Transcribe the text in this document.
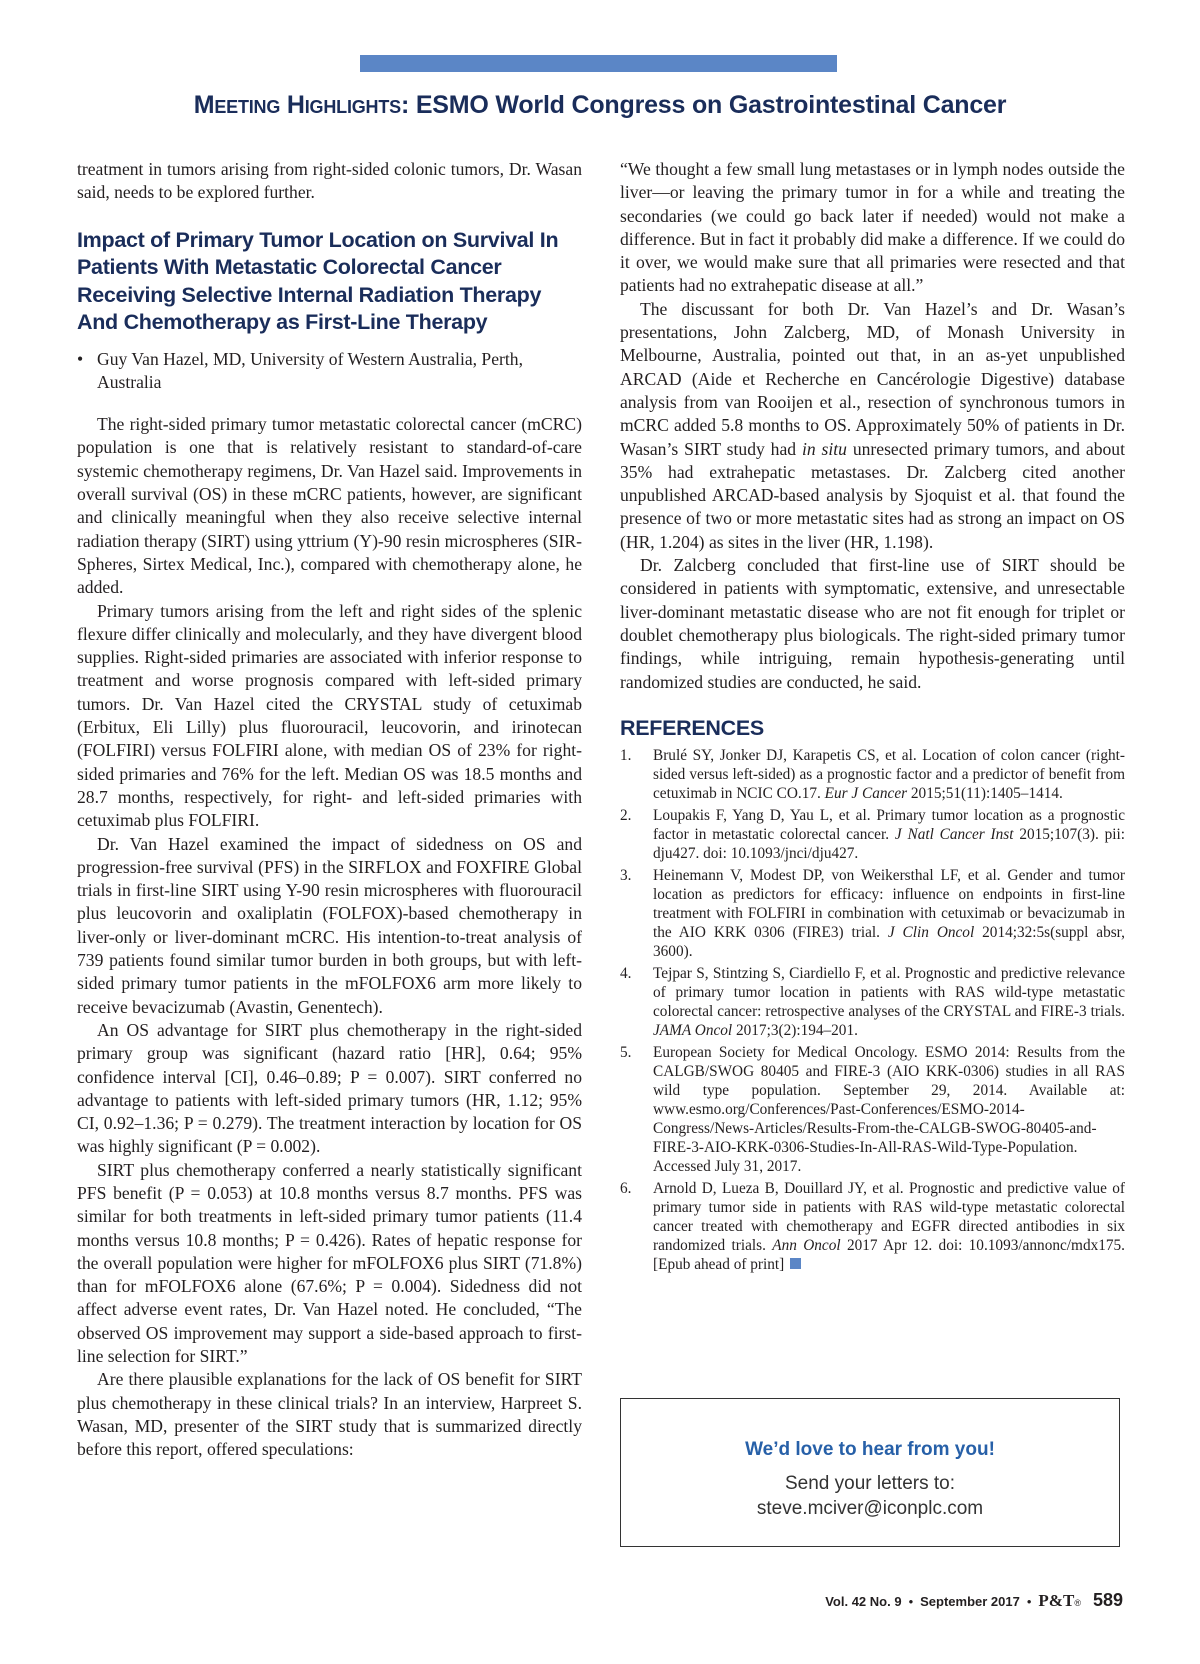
Meeting Highlights: ESMO World Congress on Gastrointestinal Cancer

treatment in tumors arising from right-sided colonic tumors, Dr. Wasan said, needs to be explored further.

Impact of Primary Tumor Location on Survival In Patients With Metastatic Colorectal Cancer Receiving Selective Internal Radiation Therapy And Chemotherapy as First-Line Therapy
• Guy Van Hazel, MD, University of Western Australia, Perth, Australia

The right-sided primary tumor metastatic colorectal cancer (mCRC) population is one that is relatively resistant to standard-of-care systemic chemotherapy regimens, Dr. Van Hazel said. Improvements in overall survival (OS) in these mCRC patients, however, are significant and clinically meaningful when they also receive selective internal radiation therapy (SIRT) using yttrium (Y)-90 resin microspheres (SIR-Spheres, Sirtex Medical, Inc.), compared with chemotherapy alone, he added.

Primary tumors arising from the left and right sides of the splenic flexure differ clinically and molecularly, and they have divergent blood supplies. Right-sided primaries are associated with inferior response to treatment and worse prognosis compared with left-sided primary tumors. Dr. Van Hazel cited the CRYSTAL study of cetuximab (Erbitux, Eli Lilly) plus fluorouracil, leucovorin, and irinotecan (FOLFIRI) versus FOLFIRI alone, with median OS of 23% for right-sided primaries and 76% for the left. Median OS was 18.5 months and 28.7 months, respectively, for right- and left-sided primaries with cetuximab plus FOLFIRI.

Dr. Van Hazel examined the impact of sidedness on OS and progression-free survival (PFS) in the SIRFLOX and FOXFIRE Global trials in first-line SIRT using Y-90 resin microspheres with fluorouracil plus leucovorin and oxaliplatin (FOLFOX)-based chemotherapy in liver-only or liver-dominant mCRC. His intention-to-treat analysis of 739 patients found similar tumor burden in both groups, but with left-sided primary tumor patients in the mFOLFOX6 arm more likely to receive bevacizumab (Avastin, Genentech).

An OS advantage for SIRT plus chemotherapy in the right-sided primary group was significant (hazard ratio [HR], 0.64; 95% confidence interval [CI], 0.46–0.89; P = 0.007). SIRT conferred no advantage to patients with left-sided primary tumors (HR, 1.12; 95% CI, 0.92–1.36; P = 0.279). The treatment interaction by location for OS was highly significant (P = 0.002).

SIRT plus chemotherapy conferred a nearly statistically significant PFS benefit (P = 0.053) at 10.8 months versus 8.7 months. PFS was similar for both treatments in left-sided primary tumor patients (11.4 months versus 10.8 months; P = 0.426). Rates of hepatic response for the overall population were higher for mFOLFOX6 plus SIRT (71.8%) than for mFOLFOX6 alone (67.6%; P = 0.004). Sidedness did not affect adverse event rates, Dr. Van Hazel noted. He concluded, “The observed OS improvement may support a side-based approach to first-line selection for SIRT.”

Are there plausible explanations for the lack of OS benefit for SIRT plus chemotherapy in these clinical trials? In an interview, Harpreet S. Wasan, MD, presenter of the SIRT study that is summarized directly before this report, offered speculations:

“We thought a few small lung metastases or in lymph nodes outside the liver—or leaving the primary tumor in for a while and treating the secondaries (we could go back later if needed) would not make a difference. But in fact it probably did make a difference. If we could do it over, we would make sure that all primaries were resected and that patients had no extrahepatic disease at all.”

The discussant for both Dr. Van Hazel’s and Dr. Wasan’s presentations, John Zalcberg, MD, of Monash University in Melbourne, Australia, pointed out that, in an as-yet unpublished ARCAD (Aide et Recherche en Cancérologie Digestive) database analysis from van Rooijen et al., resection of synchronous tumors in mCRC added 5.8 months to OS. Approximately 50% of patients in Dr. Wasan’s SIRT study had in situ unresected primary tumors, and about 35% had extrahepatic metastases. Dr. Zalcberg cited another unpublished ARCAD-based analysis by Sjoquist et al. that found the presence of two or more metastatic sites had as strong an impact on OS (HR, 1.204) as sites in the liver (HR, 1.198).

Dr. Zalcberg concluded that first-line use of SIRT should be considered in patients with symptomatic, extensive, and unresectable liver-dominant metastatic disease who are not fit enough for triplet or doublet chemotherapy plus biologicals. The right-sided primary tumor findings, while intriguing, remain hypothesis-generating until randomized studies are conducted, he said.

REFERENCES
1.	Brulé SY, Jonker DJ, Karapetis CS, et al. Location of colon cancer (right-sided versus left-sided) as a prognostic factor and a predictor of benefit from cetuximab in NCIC CO.17. Eur J Cancer 2015;51(11):1405–1414.
2.	Loupakis F, Yang D, Yau L, et al. Primary tumor location as a prognostic factor in metastatic colorectal cancer. J Natl Cancer Inst 2015;107(3). pii: dju427. doi: 10.1093/jnci/dju427.
3.	Heinemann V, Modest DP, von Weikersthal LF, et al. Gender and tumor location as predictors for efficacy: influence on endpoints in first-line treatment with FOLFIRI in combination with cetuximab or bevacizumab in the AIO KRK 0306 (FIRE3) trial. J Clin Oncol 2014;32:5s(suppl absr, 3600).
4.	Tejpar S, Stintzing S, Ciardiello F, et al. Prognostic and predictive relevance of primary tumor location in patients with RAS wild-type metastatic colorectal cancer: retrospective analyses of the CRYSTAL and FIRE-3 trials. JAMA Oncol 2017;3(2):194–201.
5.	European Society for Medical Oncology. ESMO 2014: Results from the CALGB/SWOG 80405 and FIRE-3 (AIO KRK-0306) studies in all RAS wild type population. September 29, 2014. Available at: www.esmo.org/Conferences/Past-Conferences/ESMO-2014-Congress/News-Articles/Results-From-the-CALGB-SWOG-80405-and-FIRE-3-AIO-KRK-0306-Studies-In-All-RAS-Wild-Type-Population. Accessed July 31, 2017.
6.	Arnold D, Lueza B, Douillard JY, et al. Prognostic and predictive value of primary tumor side in patients with RAS wild-type metastatic colorectal cancer treated with chemotherapy and EGFR directed antibodies in six randomized trials. Ann Oncol 2017 Apr 12. doi: 10.1093/annonc/mdx175. [Epub ahead of print]
We’d love to hear from you!
Send your letters to:
steve.mciver@iconplc.com
Vol. 42 No. 9 • September 2017 • P&T ® 589
